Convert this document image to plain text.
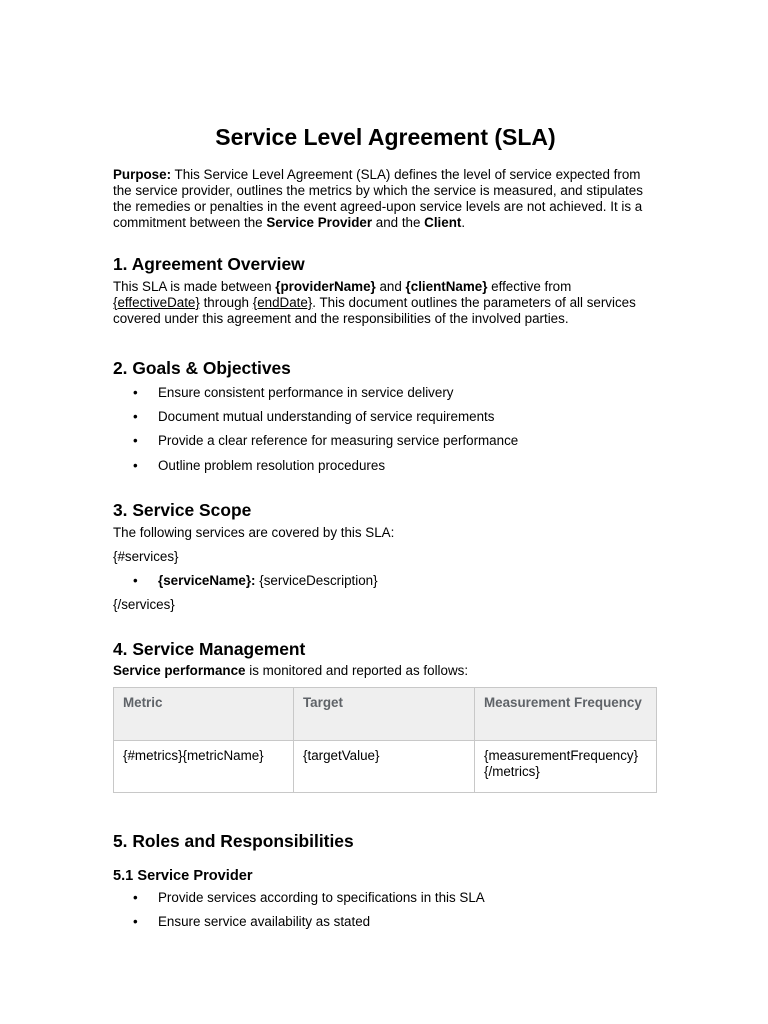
Service Level Agreement (SLA)

Purpose: This Service Level Agreement (SLA) defines the level of service expected from the service provider, outlines the metrics by which the service is measured, and stipulates the remedies or penalties in the event agreed-upon service levels are not achieved. It is a commitment between the Service Provider and the Client.

1. Agreement Overview

This SLA is made between {providerName} and {clientName} effective from {effectiveDate} through {endDate}. This document outlines the parameters of all services covered under this agreement and the responsibilities of the involved parties.

2. Goals & Objectives
• Ensure consistent performance in service delivery
• Document mutual understanding of service requirements
• Provide a clear reference for measuring service performance
• Outline problem resolution procedures
3. Service Scope

The following services are covered by this SLA:

{#services}

• {serviceName}: {serviceDescription}

{/services}

4. Service Management

Service performance is monitored and reported as follows:

Metric	Target	Measurement Frequency
{#metrics}{metricName}	{targetValue}	{measurementFrequency}{/metrics}
5. Roles and Responsibilities
5.1 Service Provider
• Provide services according to specifications in this SLA
• Ensure service availability as stated
